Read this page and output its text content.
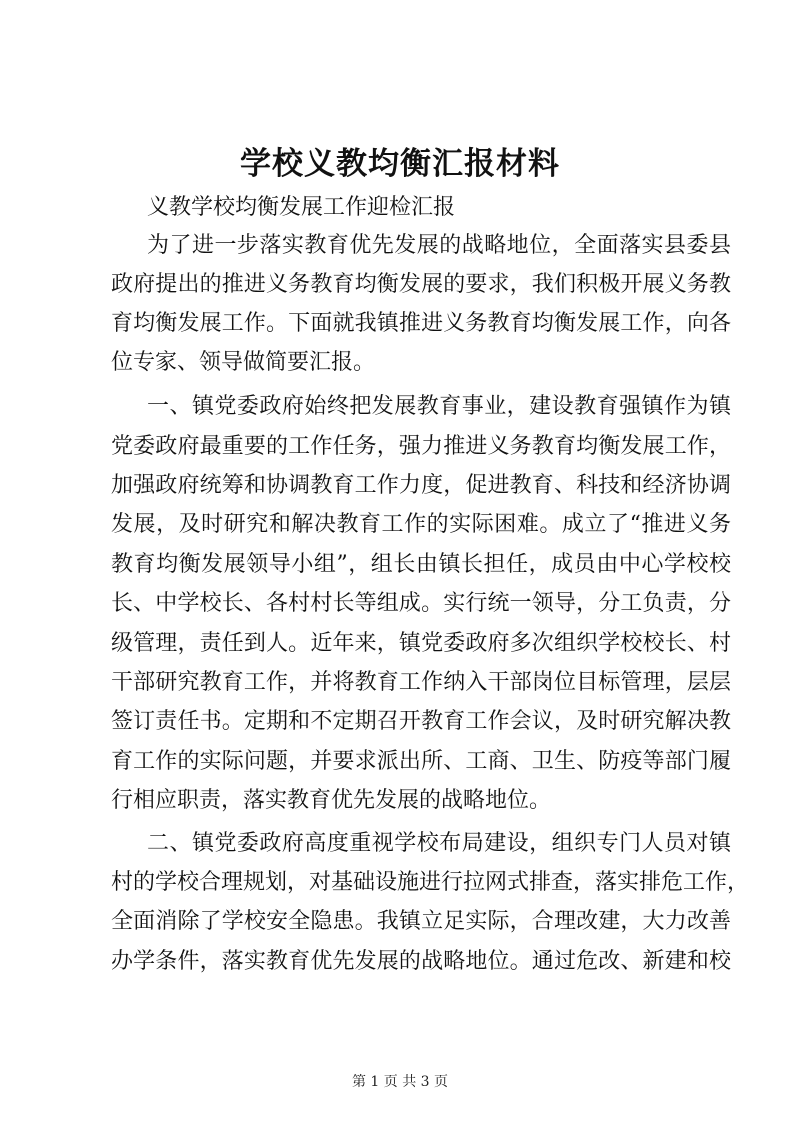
学校义教均衡汇报材料
义教学校均衡发展工作迎检汇报
为了进一步落实教育优先发展的战略地位，全面落实县委县
政府提出的推进义务教育均衡发展的要求，我们积极开展义务教
育均衡发展工作。下面就我镇推进义务教育均衡发展工作，向各
位专家、领导做简要汇报。
一、镇党委政府始终把发展教育事业，建设教育强镇作为镇
党委政府最重要的工作任务，强力推进义务教育均衡发展工作，
加强政府统筹和协调教育工作力度，促进教育、科技和经济协调
发展，及时研究和解决教育工作的实际困难。成立了“推进义务
教育均衡发展领导小组”，组长由镇长担任，成员由中心学校校
长、中学校长、各村村长等组成。实行统一领导，分工负责，分
级管理，责任到人。近年来，镇党委政府多次组织学校校长、村
干部研究教育工作，并将教育工作纳入干部岗位目标管理，层层
签订责任书。定期和不定期召开教育工作会议，及时研究解决教
育工作的实际问题，并要求派出所、工商、卫生、防疫等部门履
行相应职责，落实教育优先发展的战略地位。
二、镇党委政府高度重视学校布局建设，组织专门人员对镇
村的学校合理规划，对基础设施进行拉网式排查，落实排危工作，
全面消除了学校安全隐患。我镇立足实际，合理改建，大力改善
办学条件，落实教育优先发展的战略地位。通过危改、新建和校
第 1 页 共 3 页
